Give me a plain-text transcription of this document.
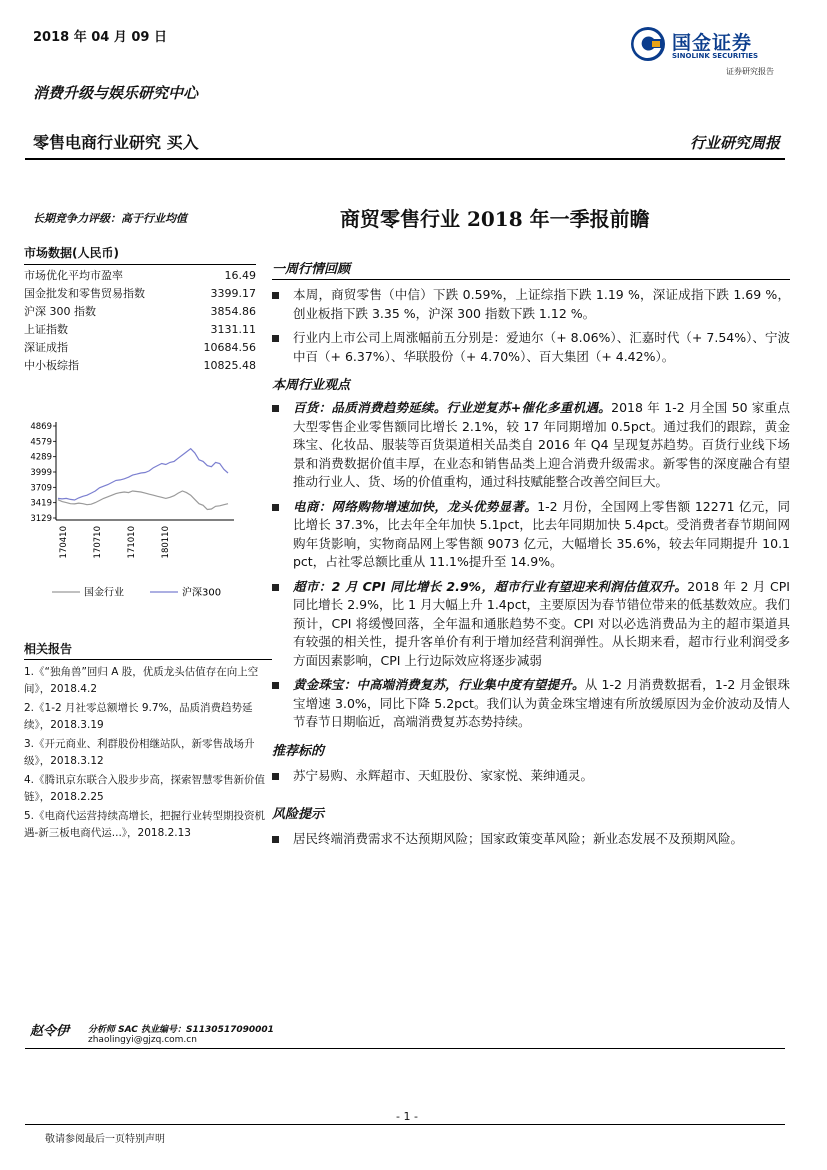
2018 年 04 月 09 日	国金证券
SINOLINK SECURITIES
证券研究报告
消费升级与娱乐研究中心
零售电商行业研究 买入	行业研究周报
长期竞争力评级：高于行业均值
市场数据(人民币)
市场优化平均市盈率	16.49
国金批发和零售贸易指数	3399.17
沪深 300 指数	3854.86
上证指数	3131.11
深证成指	10684.56
中小板综指	10825.48
4869
4579
4289
3999
3709
3419
3129
170410	170710	171010	180110
国金行业	沪深300
相关报告
1.《“独角兽”回归 A 股，优质龙头估值存在向上空间》，2018.4.2
2.《1-2 月社零总额增长 9.7%，品质消费趋势延续》，2018.3.19
3.《开元商业、利群股份相继站队，新零售战场升级》，2018.3.12
4.《腾讯京东联合入股步步高，探索智慧零售新价值链》，2018.2.25
5.《电商代运营持续高增长，把握行业转型期投资机遇-新三板电商代运...》，2018.2.13
赵令伊 分析师 SAC 执业编号：S1130517090001
zhaolingyi@gjzq.com.cn
商贸零售行业 2018 年一季报前瞻
一周行情回顾
本周，商贸零售（中信）下跌 0.59%，上证综指下跌 1.19 %，深证成指下跌 1.69 %，创业板指下跌 3.35 %，沪深 300 指数下跌 1.12 %。
行业内上市公司上周涨幅前五分别是：爱迪尔（+ 8.06%）、汇嘉时代（+ 7.54%）、宁波中百（+ 6.37%）、华联股份（+ 4.70%）、百大集团（+ 4.42%）。
本周行业观点
百货：品质消费趋势延续。行业逆复苏+催化多重机遇。2018 年 1-2 月全国 50 家重点大型零售企业零售额同比增长 2.1%，较 17 年同期增加 0.5pct。通过我们的跟踪，黄金珠宝、化妆品、服装等百货渠道相关品类自 2016 年 Q4 呈现复苏趋势。百货行业线下场景和消费数据价值丰厚，在业态和销售品类上迎合消费升级需求。新零售的深度融合有望推动行业人、货、场的价值重构，通过科技赋能整合改善空间巨大。
电商：网络购物增速加快，龙头优势显著。1-2 月份，全国网上零售额 12271 亿元，同比增长 37.3%，比去年全年加快 5.1pct，比去年同期加快 5.4pct。受消费者春节期间网购年货影响，实物商品网上零售额 9073 亿元，大幅增长 35.6%，较去年同期提升 10.1 pct，占社零总额比重从 11.1%提升至 14.9%。
超市：2 月 CPI 同比增长 2.9%，超市行业有望迎来利润估值双升。2018 年 2 月 CPI 同比增长 2.9%，比 1 月大幅上升 1.4pct，主要原因为春节错位带来的低基数效应。我们预计，CPI 将缓慢回落，全年温和通胀趋势不变。CPI 对以必选消费品为主的超市渠道具有较强的相关性，提升客单价有利于增加经营利润弹性。从长期来看，超市行业利润受多方面因素影响，CPI 上行边际效应将逐步减弱
黄金珠宝：中高端消费复苏，行业集中度有望提升。从 1-2 月消费数据看，1-2 月金银珠宝增速 3.0%，同比下降 5.2pct。我们认为黄金珠宝增速有所放缓原因为金价波动及情人节春节日期临近，高端消费复苏态势持续。
推荐标的
苏宁易购、永辉超市、天虹股份、家家悦、莱绅通灵。
风险提示
居民终端消费需求不达预期风险；国家政策变革风险；新业态发展不及预期风险。
- 1 -
敬请参阅最后一页特别声明
